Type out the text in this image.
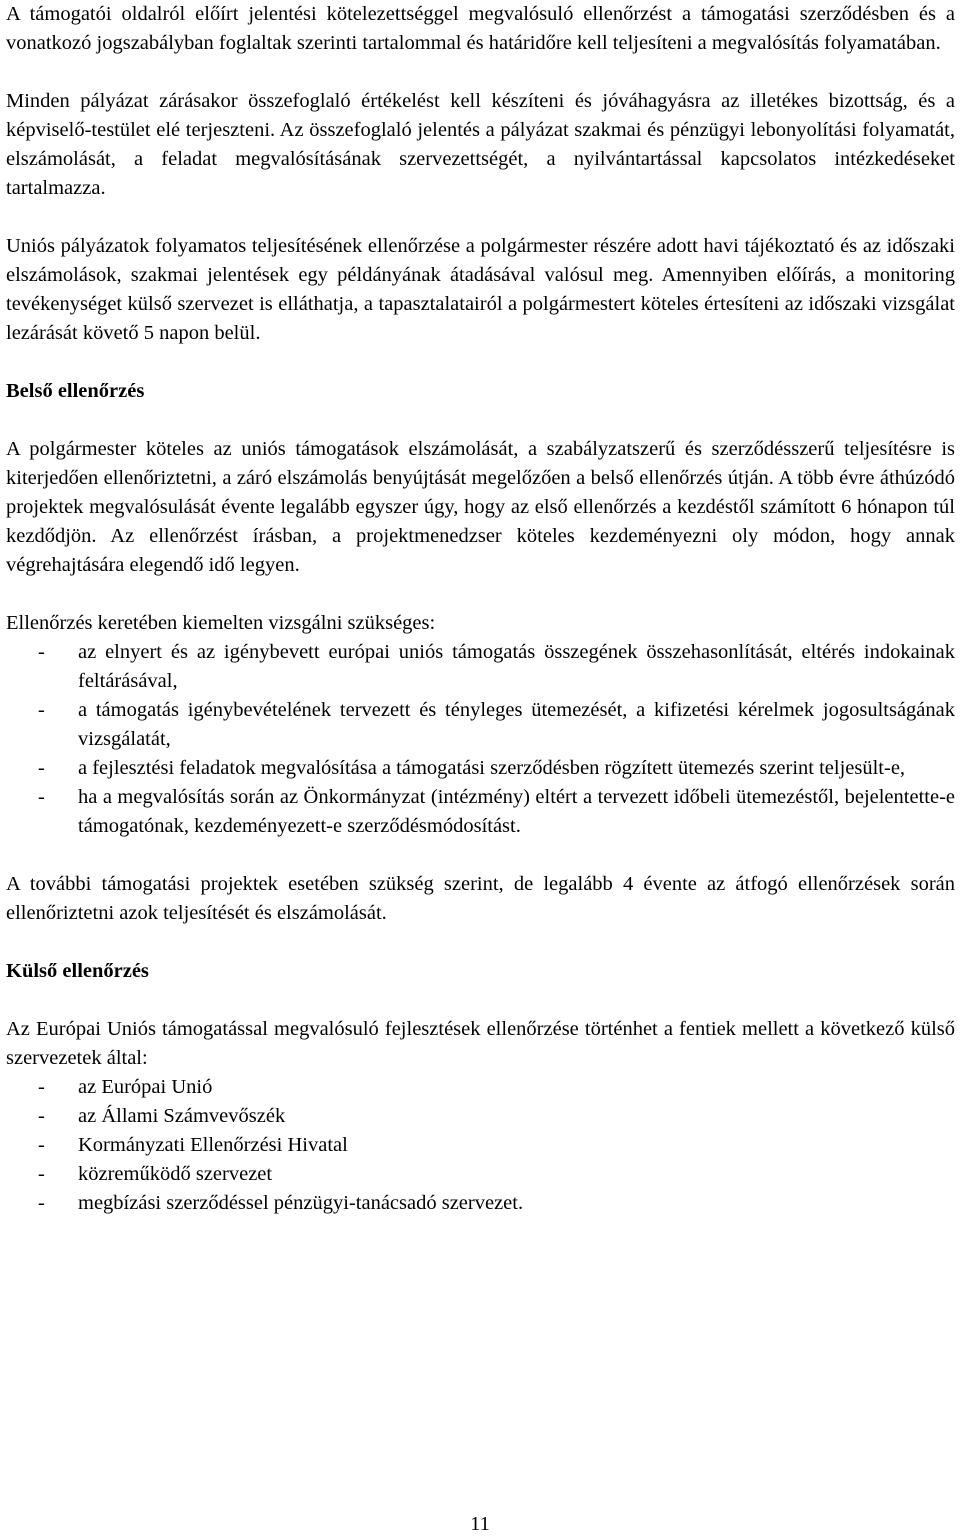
A támogatói oldalról előírt jelentési kötelezettséggel megvalósuló ellenőrzést a támogatási szerződésben és a vonatkozó jogszabályban foglaltak szerinti tartalommal és határidőre kell teljesíteni a megvalósítás folyamatában.

Minden pályázat zárásakor összefoglaló értékelést kell készíteni és jóváhagyásra az illetékes bizottság, és a képviselő-testület elé terjeszteni. Az összefoglaló jelentés a pályázat szakmai és pénzügyi lebonyolítási folyamatát, elszámolását, a feladat megvalósításának szervezettségét, a nyilvántartással kapcsolatos intézkedéseket tartalmazza.

Uniós pályázatok folyamatos teljesítésének ellenőrzése a polgármester részére adott havi tájékoztató és az időszaki elszámolások, szakmai jelentések egy példányának átadásával valósul meg. Amennyiben előírás, a monitoring tevékenységet külső szervezet is elláthatja, a tapasztalatairól a polgármestert köteles értesíteni az időszaki vizsgálat lezárását követő 5 napon belül.

Belső ellenőrzés

A polgármester köteles az uniós támogatások elszámolását, a szabályzatszerű és szerződésszerű teljesítésre is kiterjedően ellenőriztetni, a záró elszámolás benyújtását megelőzően a belső ellenőrzés útján. A több évre áthúzódó projektek megvalósulását évente legalább egyszer úgy, hogy az első ellenőrzés a kezdéstől számított 6 hónapon túl kezdődjön. Az ellenőrzést írásban, a projektmenedzser köteles kezdeményezni oly módon, hogy annak végrehajtására elegendő idő legyen.

Ellenőrzés keretében kiemelten vizsgálni szükséges:

- az elnyert és az igénybevett európai uniós támogatás összegének összehasonlítását, eltérés indokainak feltárásával,
- a támogatás igénybevételének tervezett és tényleges ütemezését, a kifizetési kérelmek jogosultságának vizsgálatát,
- a fejlesztési feladatok megvalósítása a támogatási szerződésben rögzített ütemezés szerint teljesült-e,
- ha a megvalósítás során az Önkormányzat (intézmény) eltért a tervezett időbeli ütemezéstől, bejelentette-e támogatónak, kezdeményezett-e szerződésmódosítást.

A további támogatási projektek esetében szükség szerint, de legalább 4 évente az átfogó ellenőrzések során ellenőriztetni azok teljesítését és elszámolását.

Külső ellenőrzés

Az Európai Uniós támogatással megvalósuló fejlesztések ellenőrzése történhet a fentiek mellett a következő külső szervezetek által:

- az Európai Unió
- az Állami Számvevőszék
- Kormányzati Ellenőrzési Hivatal
- közreműködő szervezet
- megbízási szerződéssel pénzügyi-tanácsadó szervezet.
11
